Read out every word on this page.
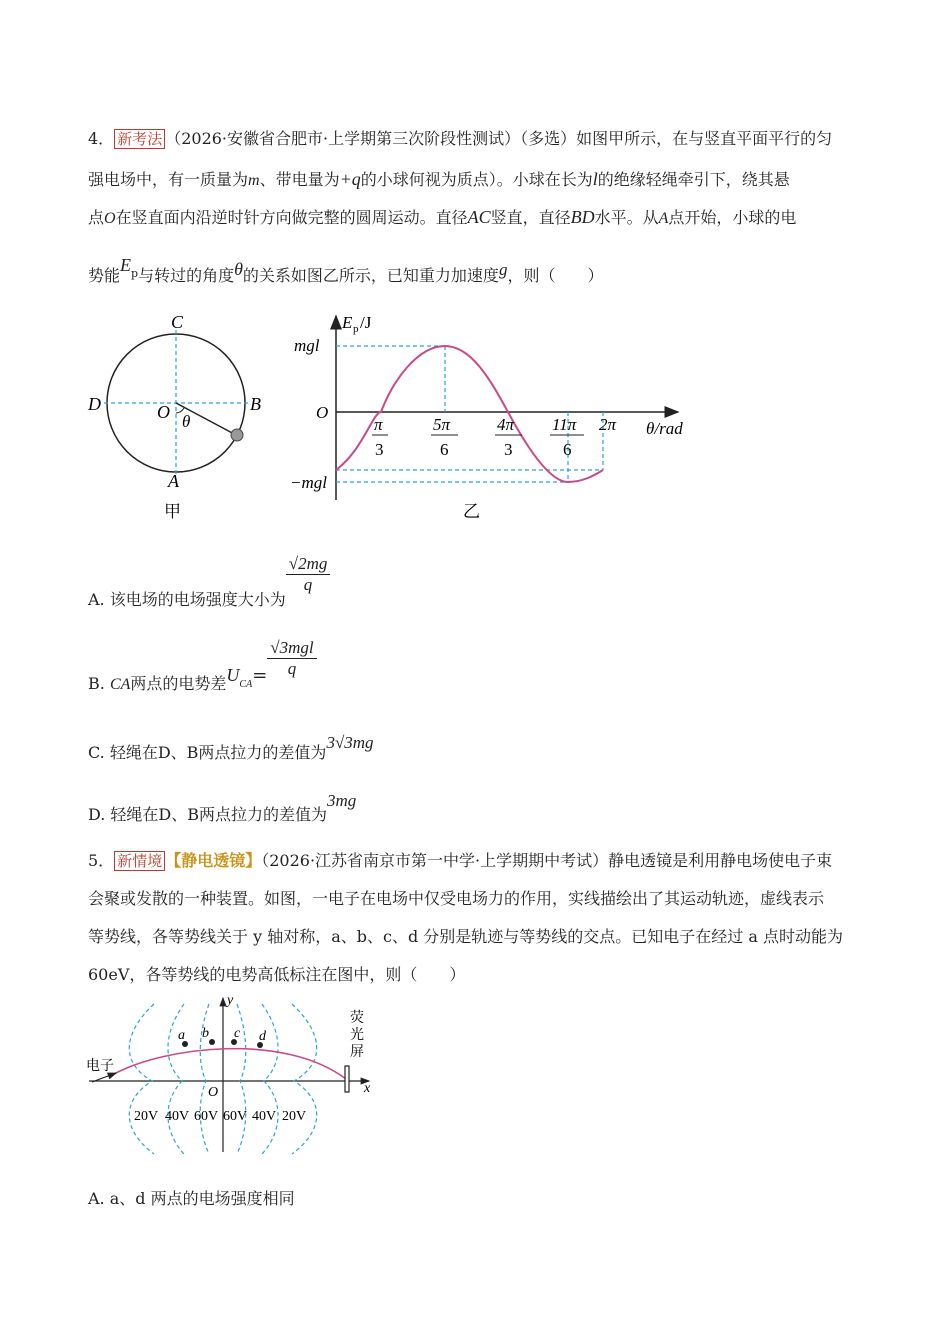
4． 新考法 （2026·安徽省合肥市·上学期第三次阶段性测试）（多选）如图甲所示，在与竖直平面平行的匀
强电场中，有一质量为m、带电量为+q的小球何视为质点）。小球在长为l的绝缘轻绳牵引下，绕其悬
点O在竖直面内沿逆时针方向做完整的圆周运动。直径AC竖直，直径BD水平。从A点开始，小球的电
势能$E^p$与转过的角度θ的关系如图乙所示，已知重力加速度g，则（　　）
C
D	B
A
O θ
甲
mgl
O
−mgl
E p /J
π
3
5π
6
4π
3
11π
6
2π θ/rad
乙
A. 该电场的电场强度大小为
$\frac{√2mg}{q}$
B. CA两点的电势差$U_{CA}= \frac{\text{√3mgl}}{q}$
C. 轻绳在D、B两点拉力的差值为3√3mg
D. 轻绳在D、B两点拉力的差值为3mg
5． 新情境 【静电透镜】（2026·江苏省南京市第一中学·上学期期中考试）静电透镜是利用静电场使电子束
会聚或发散的一种装置。如图，一电子在电场中仅受电场力的作用，实线描绘出了其运动轨迹，虚线表示
等势线，各等势线关于 y 轴对称，a、b、c、d 分别是轨迹与等势线的交点。已知电子在经过 a 点时动能为
60eV，各等势线的电势高低标注在图中，则（　　）
a b c d
y
x
O
电子
荧
光
屏
20V 40V 60V 60V 40V 20V
A. a、d 两点的电场强度相同
